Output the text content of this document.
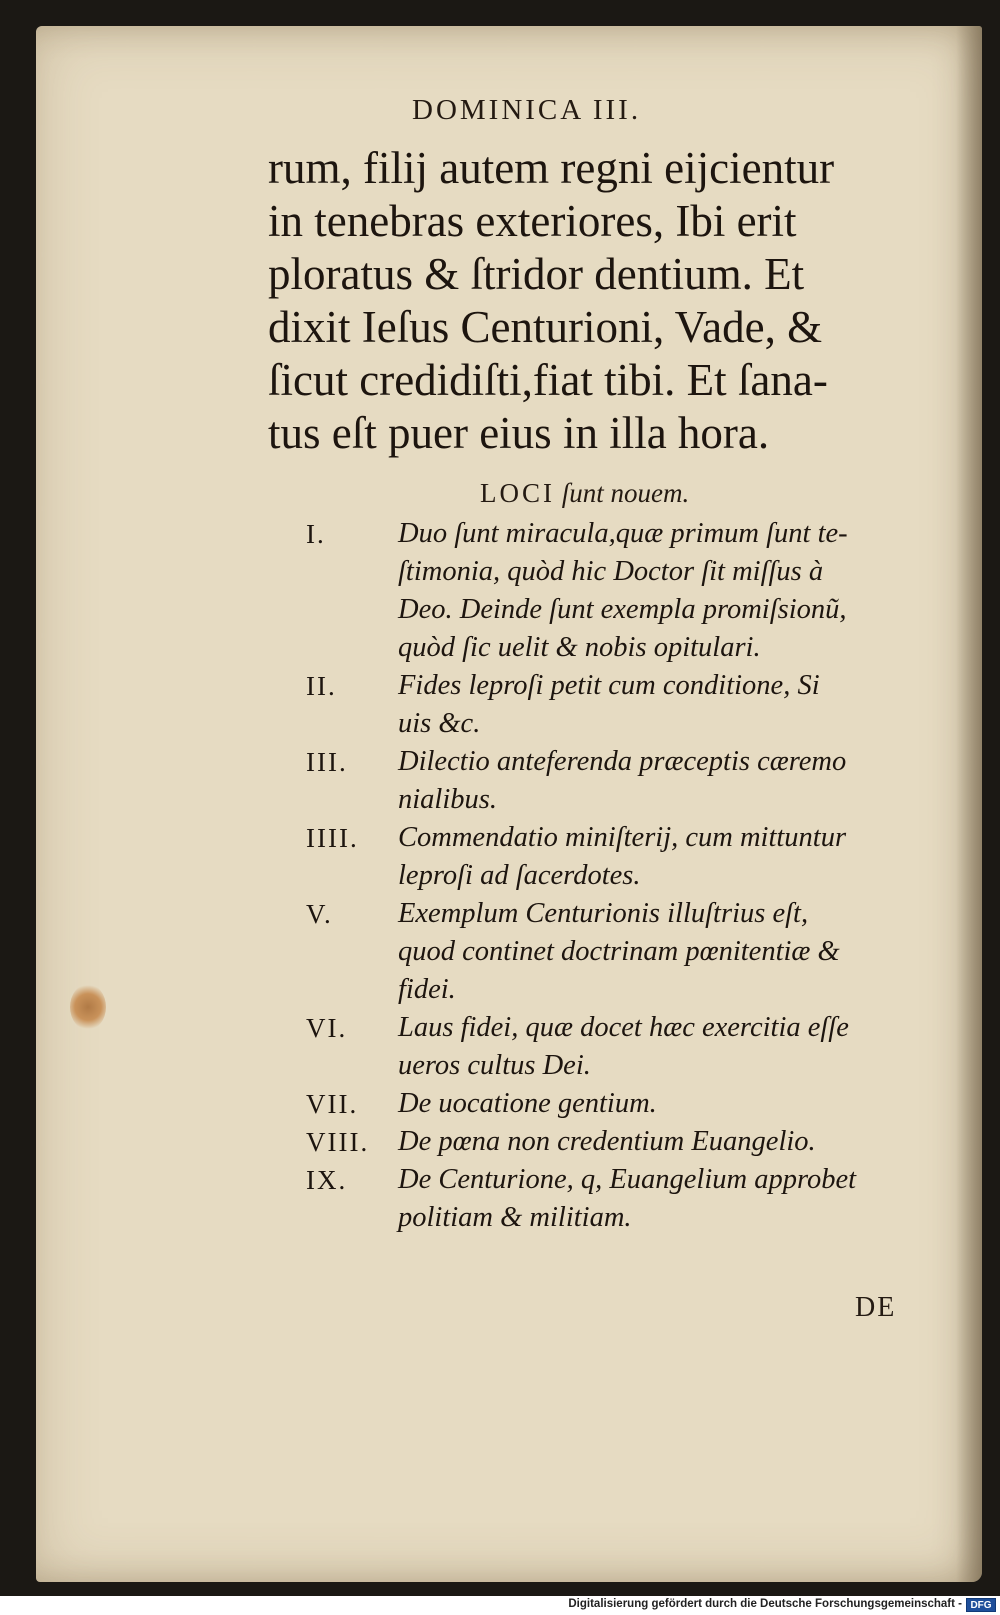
DOMINICA III.
rum, filij autem regni eijcientur
in tenebras exteriores, Ibi erit
ploratus & ſtridor dentium. Et
dixit Ieſus Centurioni, Vade, &
ſicut credidiſti,fiat tibi. Et ſana-
tus eſt puer eius in illa hora.
LOCI ſunt nouem.
I.	Duo ſunt miracula,quæ primum ſunt te-
ſtimonia, quòd hic Doctor ſit miſſus à
Deo. Deinde ſunt exempla promiſsionũ,
quòd ſic uelit & nobis opitulari.
II.	Fides leproſi petit cum conditione, Si
uis &c.
III.	Dilectio anteferenda præceptis cæremo
nialibus.
IIII.	Commendatio miniſterij, cum mittuntur
leproſi ad ſacerdotes.
V.	Exemplum Centurionis illuſtrius eſt,
quod continet doctrinam pœnitentiæ &
fidei.
VI.	Laus fidei, quæ docet hæc exercitia eſſe
ueros cultus Dei.
VII.	De uocatione gentium.
VIII.	De pœna non credentium Euangelio.
IX.	De Centurione, q, Euangelium approbet
politiam & militiam.
DE
Digitalisierung gefördert durch die Deutsche Forschungsgemeinschaft - DFG
